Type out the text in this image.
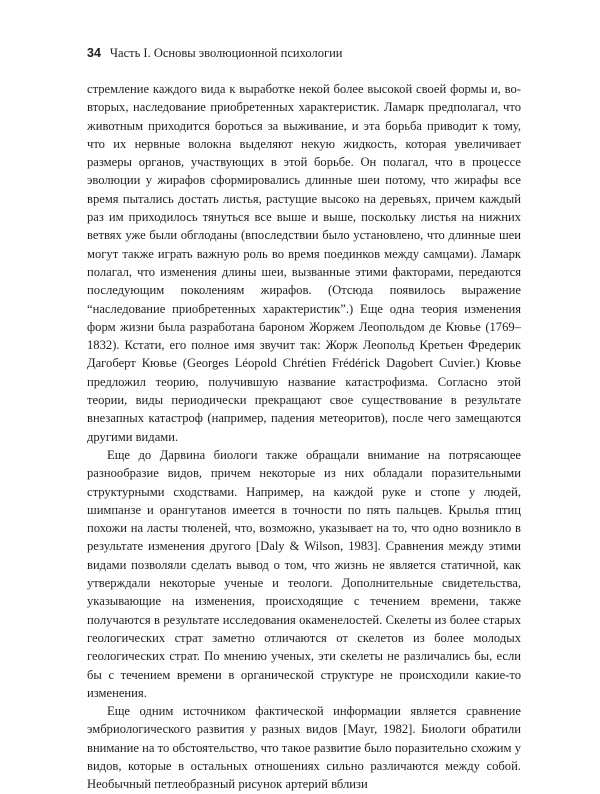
34 Часть I. Основы эволюционной психологии

стремление каждого вида к выработке некой более высокой своей формы и, во-вторых, наследование приобретенных характеристик. Ламарк предполагал, что животным приходится бороться за выживание, и эта борьба приводит к тому, что их нервные волокна выделяют некую жидкость, которая увеличивает размеры органов, участвующих в этой борьбе. Он полагал, что в процессе эволюции у жирафов сформировались длинные шеи потому, что жирафы все время пытались достать листья, растущие высоко на деревьях, причем каждый раз им приходилось тянуться все выше и выше, поскольку листья на нижних ветвях уже были обглоданы (впоследствии было установлено, что длинные шеи могут также играть важную роль во время поединков между самцами). Ламарк полагал, что изменения длины шеи, вызванные этими факторами, передаются последующим поколениям жирафов. (Отсюда появилось выражение “наследование приобретенных характеристик”.) Еще одна теория изменения форм жизни была разработана бароном Жоржем Леопольдом де Кювье (1769–1832). Кстати, его полное имя звучит так: Жорж Леопольд Кретьен Фредерик Дагоберт Кювье (Georges Léopold Chrétien Frédérick Dagobert Cuvier.) Кювье предложил теорию, получившую название катастрофизма. Согласно этой теории, виды периодически прекращают свое существование в результате внезапных катастроф (например, падения метеоритов), после чего замещаются другими видами.

Еще до Дарвина биологи также обращали внимание на потрясающее разнообразие видов, причем некоторые из них обладали поразительными структурными сходствами. Например, на каждой руке и стопе у людей, шимпанзе и орангутанов имеется в точности по пять пальцев. Крылья птиц похожи на ласты тюленей, что, возможно, указывает на то, что одно возникло в результате изменения другого [Daly & Wilson, 1983]. Сравнения между этими видами позволяли сделать вывод о том, что жизнь не является статичной, как утверждали некоторые ученые и теологи. Дополнительные свидетельства, указывающие на изменения, происходящие с течением времени, также получаются в результате исследования окаменелостей. Скелеты из более старых геологических страт заметно отличаются от скелетов из более молодых геологических страт. По мнению ученых, эти скелеты не различались бы, если бы с течением времени в органической структуре не происходили какие-то изменения.

Еще одним источником фактической информации является сравнение эмбриологического развития у разных видов [Mayr, 1982]. Биологи обратили внимание на то обстоятельство, что такое развитие было поразительно схожим у видов, которые в остальных отношениях сильно различаются между собой. Необычный петлеобразный рисунок артерий вблизи
